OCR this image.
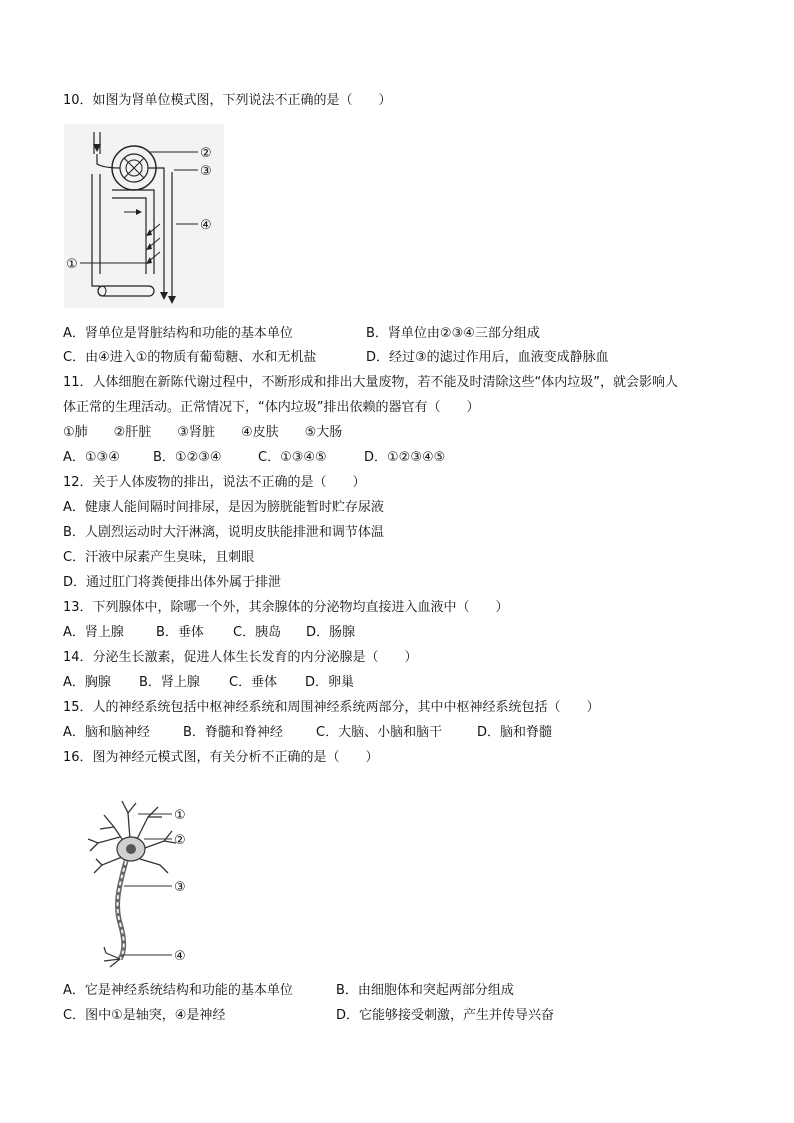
10．如图为肾单位模式图，下列说法不正确的是（　　）
②
③
④
①
A．肾单位是肾脏结构和功能的基本单位	B．肾单位由②③④三部分组成
C．由④进入①的物质有葡萄糖、水和无机盐	D．经过③的滤过作用后，血液变成静脉血
11．人体细胞在新陈代谢过程中，不断形成和排出大量废物，若不能及时清除这些“体内垃圾”，就会影响人
体正常的生理活动。正常情况下，“体内垃圾”排出依赖的器官有（　　）
①肺　　②肝脏　　③肾脏　　④皮肤　　⑤大肠
A．①③④	B．①②③④	C．①③④⑤	D．①②③④⑤
12．关于人体废物的排出，说法不正确的是（　　）
A．健康人能间隔时间排尿，是因为膀胱能暂时贮存尿液
B．人剧烈运动时大汗淋漓，说明皮肤能排泄和调节体温
C．汗液中尿素产生臭味，且刺眼
D．通过肛门将粪便排出体外属于排泄
13．下列腺体中，除哪一个外，其余腺体的分泌物均直接进入血液中（　　）
A．肾上腺 B．垂体 C．胰岛 D．肠腺
14．分泌生长激素，促进人体生长发育的内分泌腺是（　　）
A．胸腺 B．肾上腺 C．垂体 D．卵巢
15．人的神经系统包括中枢神经系统和周围神经系统两部分，其中中枢神经系统包括（　　）
A．脑和脑神经	B．脊髓和脊神经	C．大脑、小脑和脑干	D．脑和脊髓
16．图为神经元模式图，有关分析不正确的是（　　）
①
②
③
④
A．它是神经系统结构和功能的基本单位	B．由细胞体和突起两部分组成
C．图中①是轴突，④是神经	D．它能够接受刺激，产生并传导兴奋
